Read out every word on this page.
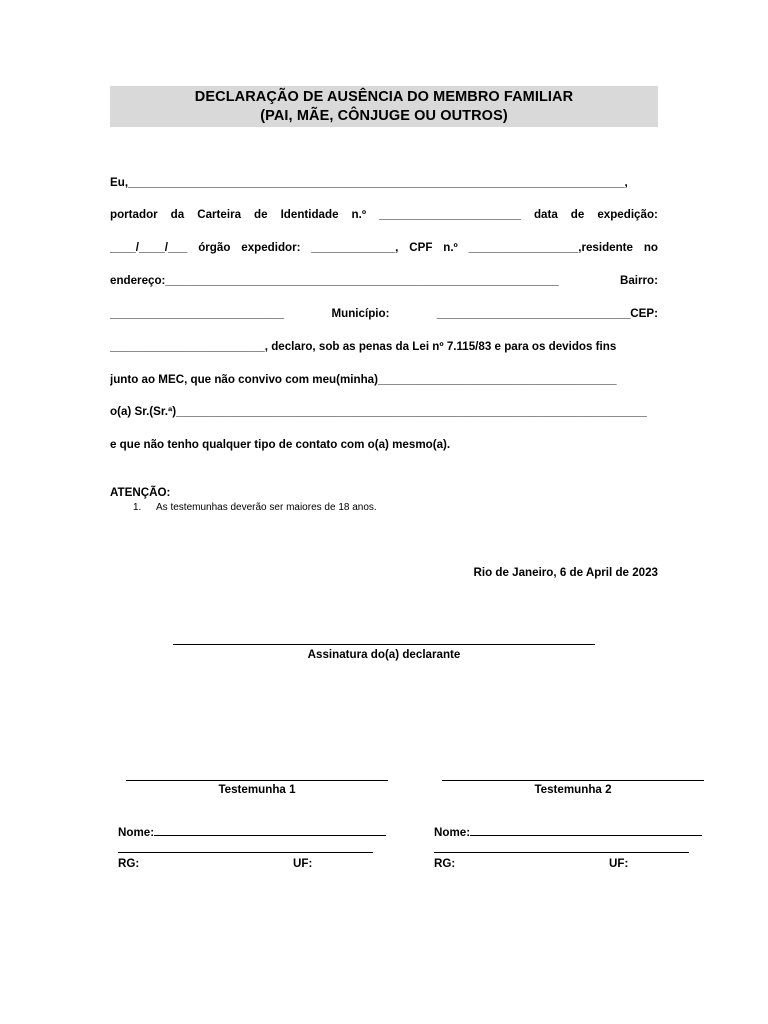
DECLARAÇÃO DE AUSÊNCIA DO MEMBRO FAMILIAR
(PAI, MÃE, CÔNJUGE OU OUTROS)
Eu,_____________________________________________________________________________,
portador da Carteira de Identidade n.º ______________________ data de expedição:
____/____/___ órgão expedidor: _____________, CPF n.º _________________,residente no
endereço:_____________________________________________________________	Bairro:
___________________________	Município:	______________________________CEP:
________________________, declaro, sob as penas da Lei nº 7.115/83 e para os devidos fins
junto ao MEC, que não convivo com meu(minha)_____________________________________
o(a) Sr.(Sr.ª)_________________________________________________________________________
e que não tenho qualquer tipo de contato com o(a) mesmo(a).
ATENÇÃO:
1. As testemunhas deverão ser maiores de 18 anos.
Rio de Janeiro, 6 de April de 2023
Assinatura do(a) declarante
Testemunha 1
Nome:
RG:	UF:
Testemunha 2
Nome:
RG:	UF:
